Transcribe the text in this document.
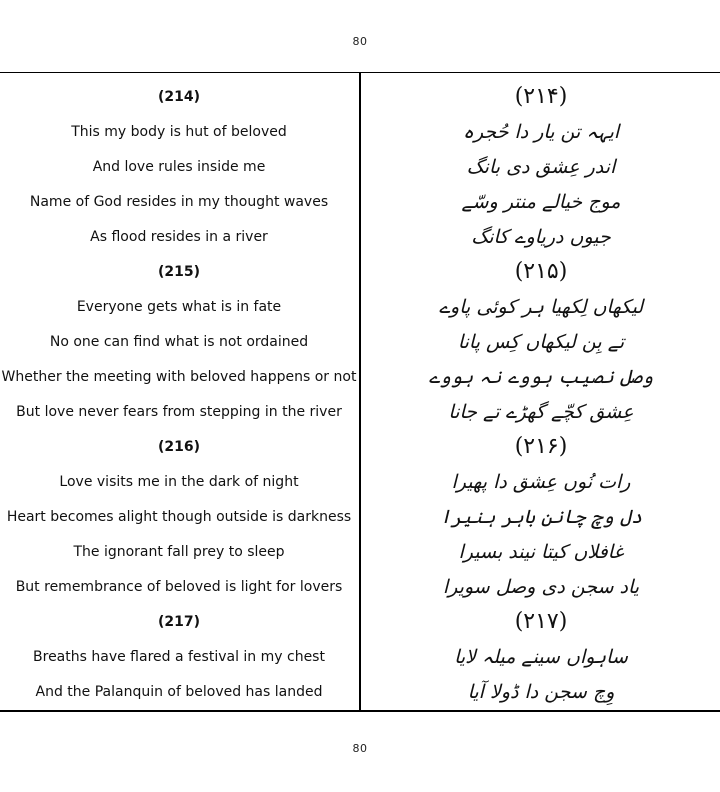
80
(214)
This my body is hut of beloved
And love rules inside me
Name of God resides in my thought waves
As flood resides in a river
(215)
Everyone gets what is in fate
No one can find what is not ordained
Whether the meeting with beloved happens or not
But love never fears from stepping in the river
(216)
Love visits me in the dark of night
Heart becomes alight though outside is darkness
The ignorant fall prey to sleep
But remembrance of beloved is light for lovers
(217)
Breaths have flared a festival in my chest
And the Palanquin of beloved has landed
(۲۱۴)
ایہہ تن یار دا حُجرہ
اندر عِشق دی بانگ
موج خیالے منتر وسّے
جیوں دریاوے کانگ
(۲۱۵)
لیکھاں لِکھیا ہر کوئی پاوے
تے بِن لیکھاں کِس پانا
وصل نصیب ہووے نہ ہووے
عِشق کچّے گھڑے تے جانا
(۲۱۶)
رات نُوں عِشق دا پھیرا
دل وچ چانن باہر ہنیرا
غافلاں کیتا نیند بسیرا
یاد سجن دی وصل سویرا
(۲۱۷)
ساہواں سینے میلہ لایا
وِچ سجن دا ڈولا آیا
80
